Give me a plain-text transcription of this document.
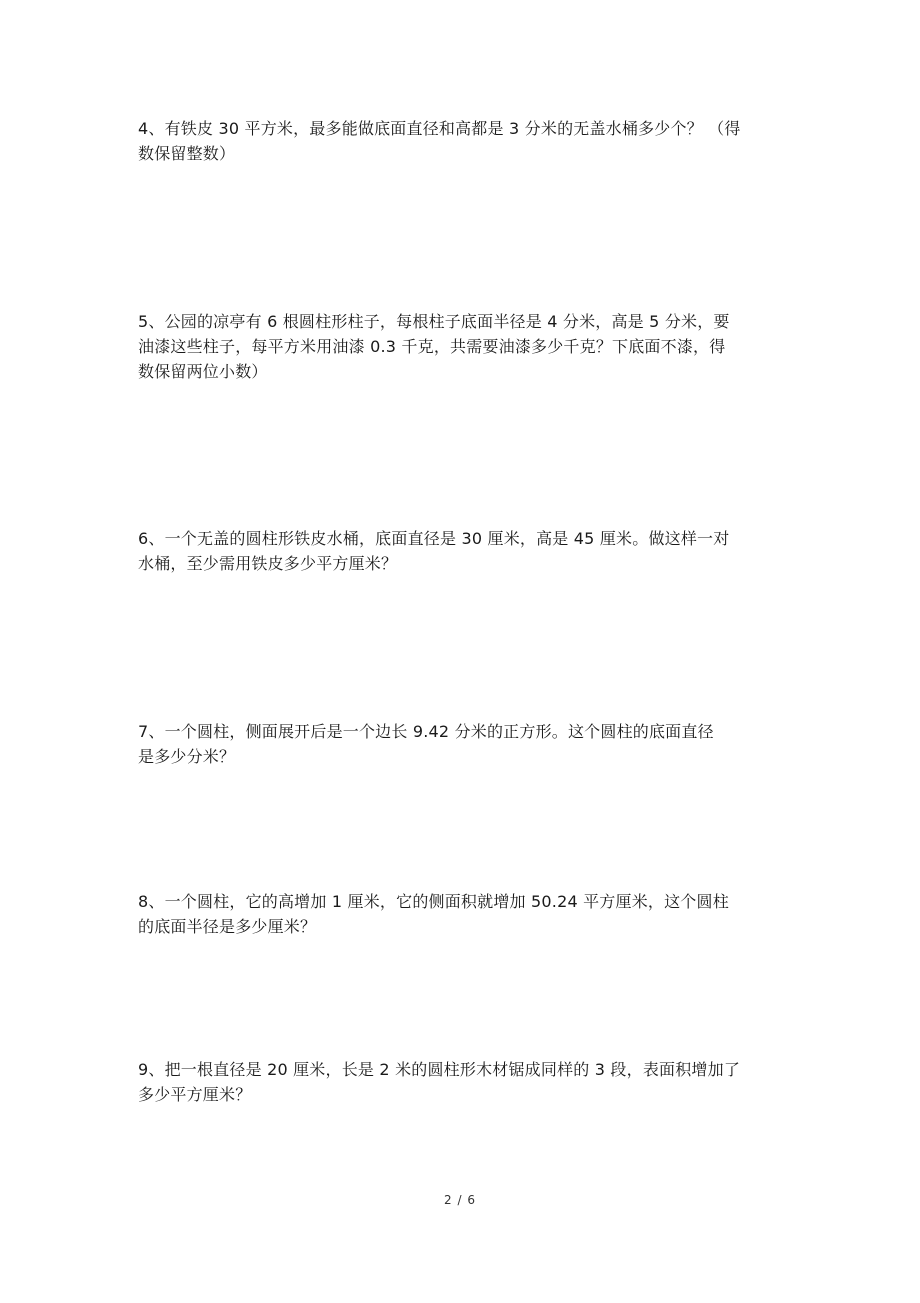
4、有铁皮 30 平方米，最多能做底面直径和高都是 3 分米的无盖水桶多少个？ （得
数保留整数）
5、公园的凉亭有 6 根圆柱形柱子，每根柱子底面半径是 4 分米，高是 5 分米，要
油漆这些柱子，每平方米用油漆 0.3 千克，共需要油漆多少千克？下底面不漆，得
数保留两位小数）
6、一个无盖的圆柱形铁皮水桶，底面直径是 30 厘米，高是 45 厘米。做这样一对
水桶，至少需用铁皮多少平方厘米？
7、一个圆柱，侧面展开后是一个边长 9.42 分米的正方形。这个圆柱的底面直径
是多少分米？
8、一个圆柱，它的高增加 1 厘米，它的侧面积就增加 50.24 平方厘米，这个圆柱
的底面半径是多少厘米？
9、把一根直径是 20 厘米，长是 2 米的圆柱形木材锯成同样的 3 段，表面积增加了
多少平方厘米？
2 / 6
